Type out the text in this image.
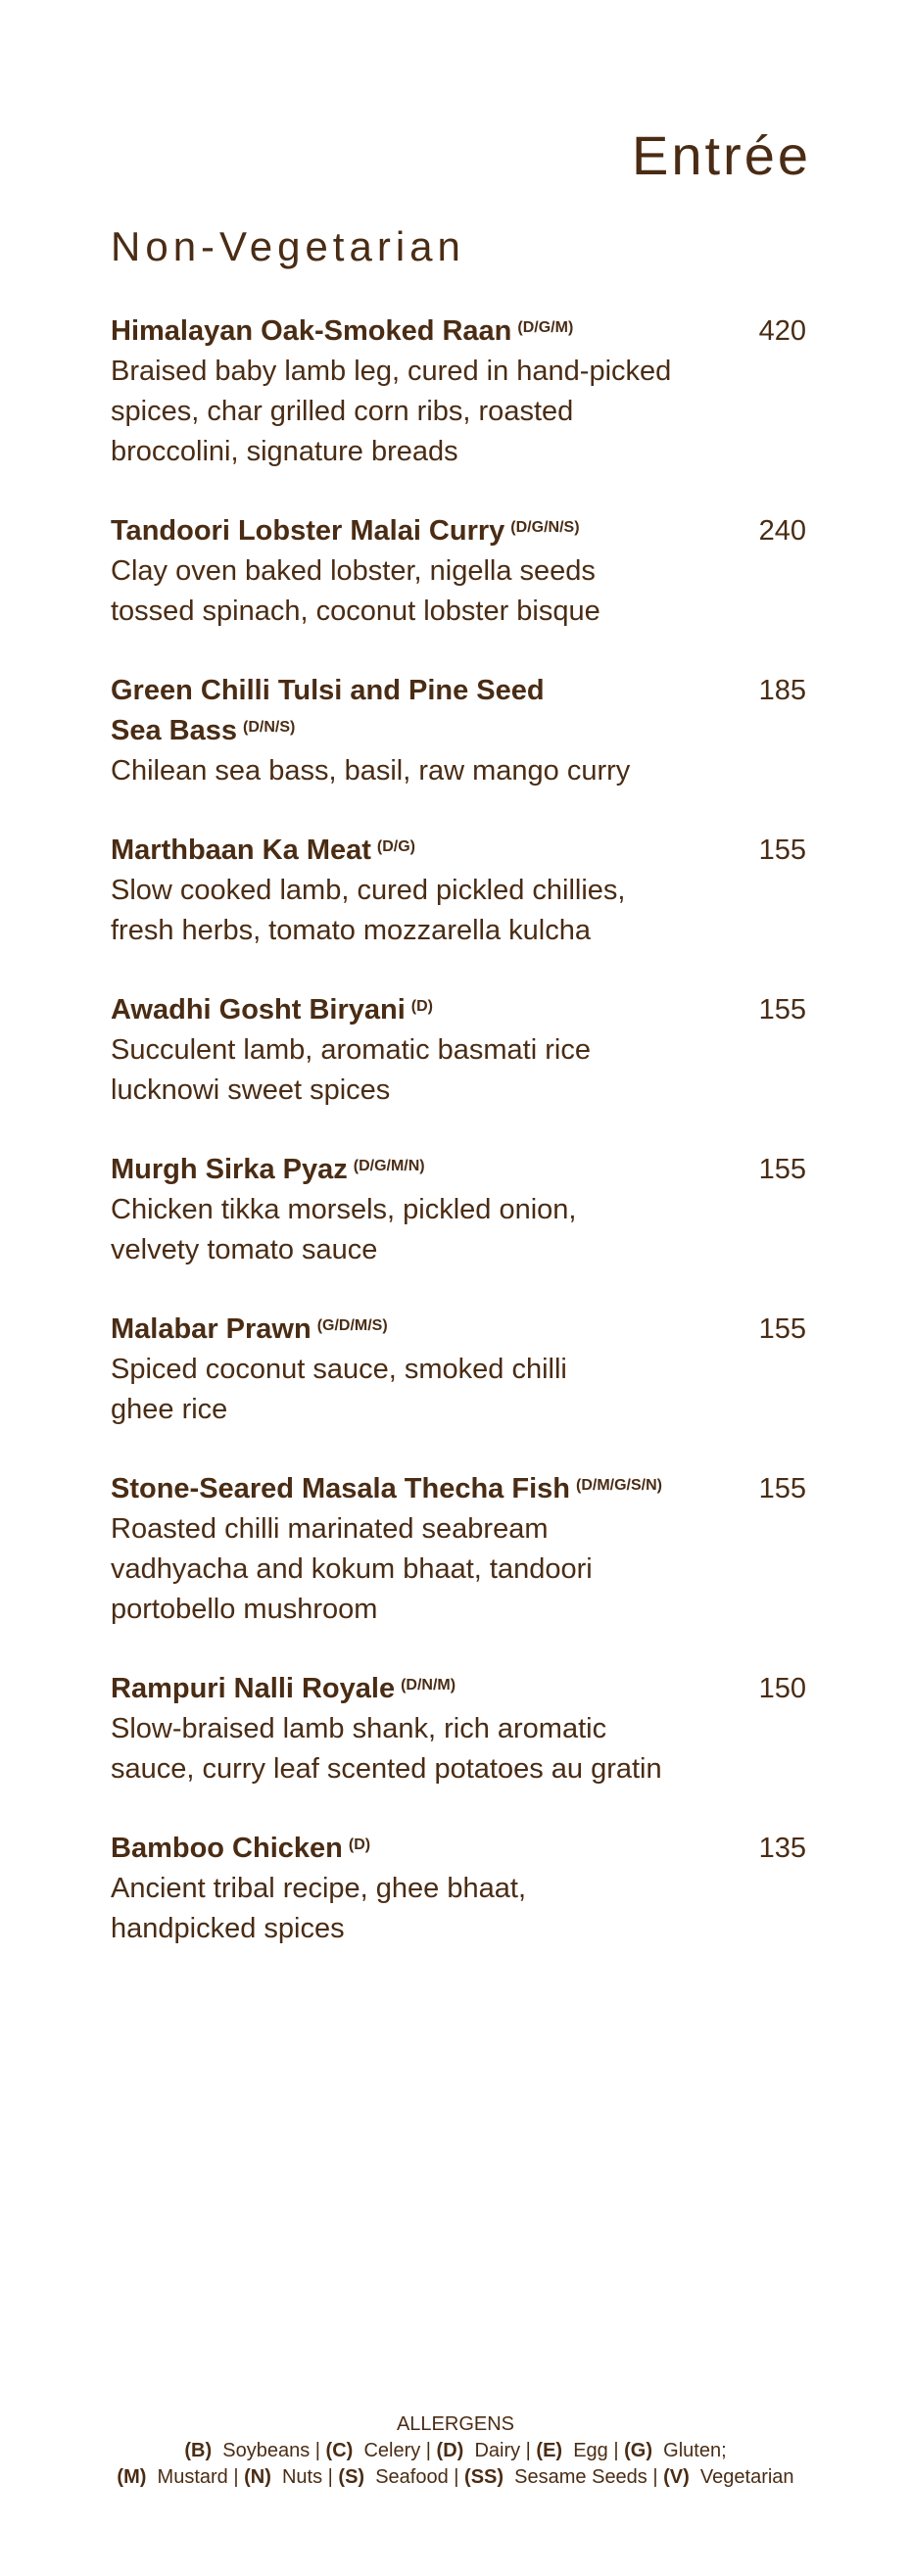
Entrée
Non-Vegetarian
Himalayan Oak-Smoked Raan $^{(D/G/M)}$	420
Braised baby lamb leg, cured in hand-picked
spices, char grilled corn ribs, roasted
broccolini, signature breads
Tandoori Lobster Malai Curry $^{(D/G/N/S)}$	240
Clay oven baked lobster, nigella seeds
tossed spinach, coconut lobster bisque
Green Chilli Tulsi and Pine Seed
Sea Bass $^{(D/N/S)}$
185
Chilean sea bass, basil, raw mango curry
Marthbaan Ka Meat $^{(D/G)}$	155
Slow cooked lamb, cured pickled chillies,
fresh herbs, tomato mozzarella kulcha
Awadhi Gosht Biryani $^{(D)}$	155
Succulent lamb, aromatic basmati rice
lucknowi sweet spices
Murgh Sirka Pyaz $^{(D/G/M/N)}$	155
Chicken tikka morsels, pickled onion,
velvety tomato sauce
Malabar Prawn $^{(G/D/M/S)}$	155
Spiced coconut sauce, smoked chilli
ghee rice
Stone-Seared Masala Thecha Fish $^{(D/M/G/S/N)}$	155
Roasted chilli marinated seabream
vadhyacha and kokum bhaat, tandoori
portobello mushroom
Rampuri Nalli Royale $^{(D/N/M)}$	150
Slow-braised lamb shank, rich aromatic
sauce, curry leaf scented potatoes au gratin
Bamboo Chicken $^{(D)}$	135
Ancient tribal recipe, ghee bhaat,
handpicked spices
ALLERGENS
(B) Soybeans | (C) Celery | (D) Dairy | (E) Egg | (G) Gluten;
(M) Mustard | (N) Nuts | (S) Seafood | (SS) Sesame Seeds | (V) Vegetarian
